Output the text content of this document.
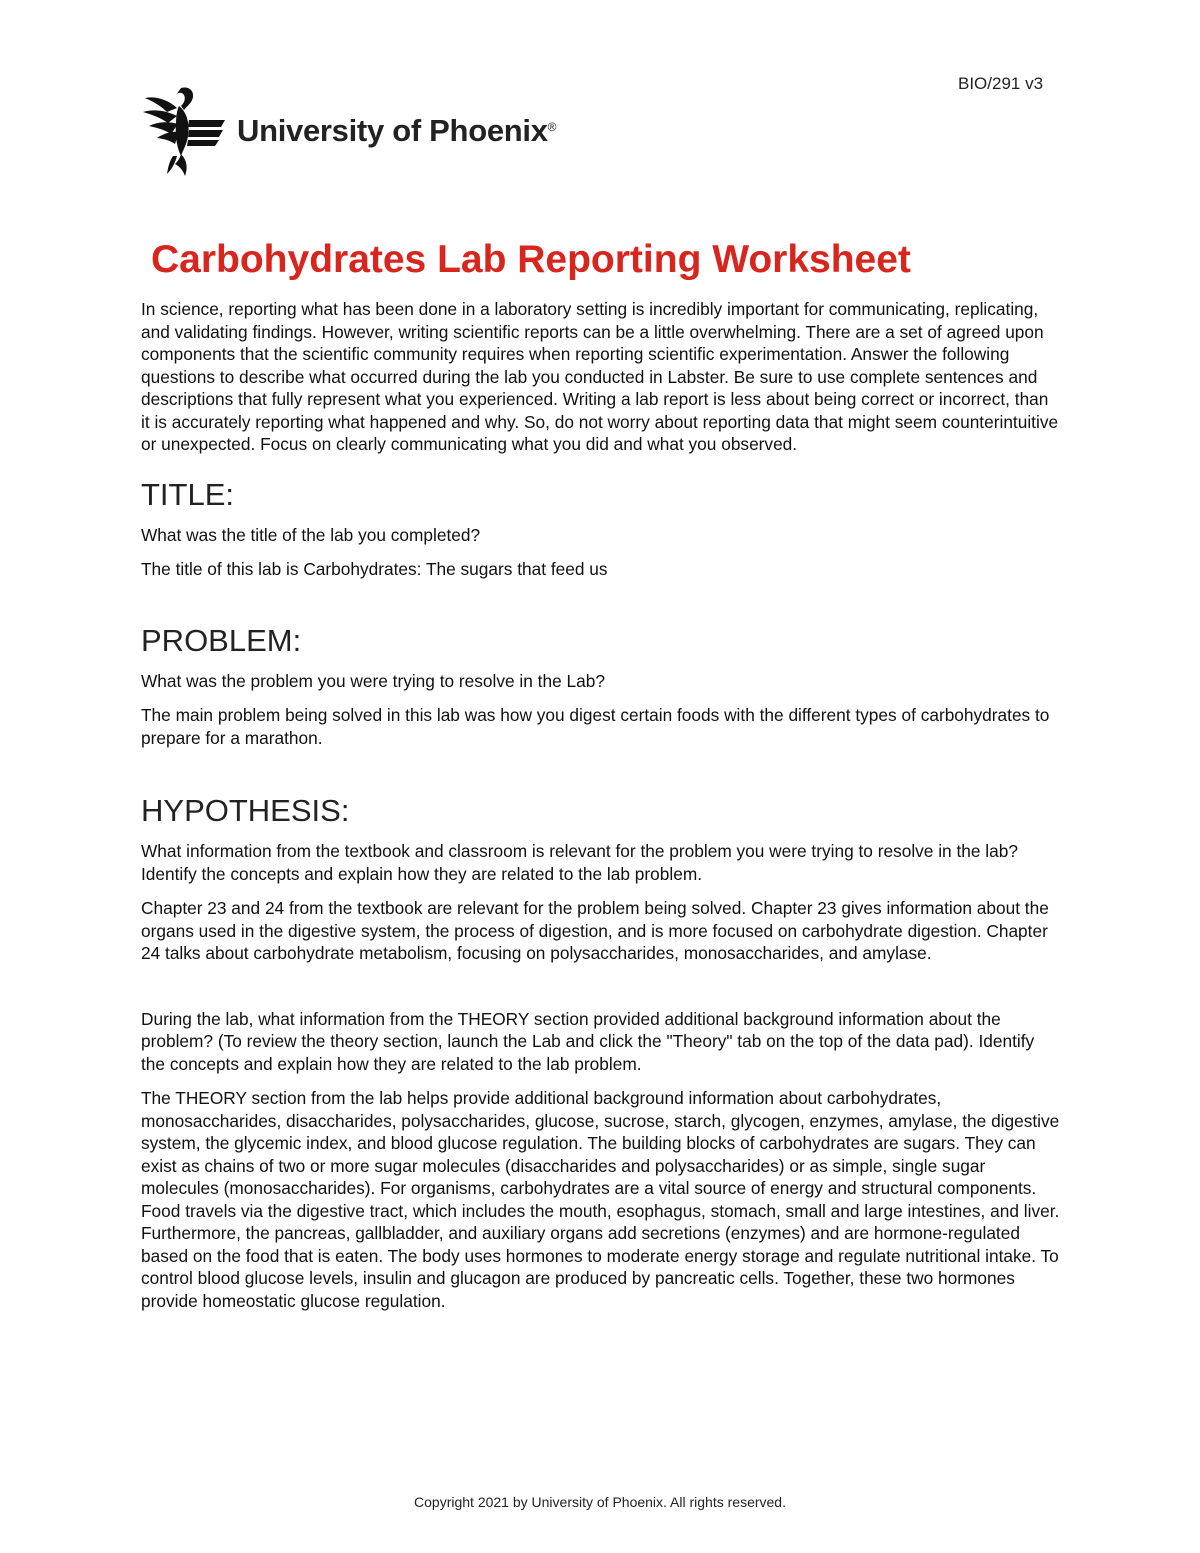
BIO/291 v3
University of Phoenix®
Carbohydrates Lab Reporting Worksheet

In science, reporting what has been done in a laboratory setting is incredibly important for communicating, replicating, and validating findings. However, writing scientific reports can be a little overwhelming. There are a set of agreed upon components that the scientific community requires when reporting scientific experimentation. Answer the following questions to describe what occurred during the lab you conducted in Labster. Be sure to use complete sentences and descriptions that fully represent what you experienced. Writing a lab report is less about being correct or incorrect, than it is accurately reporting what happened and why. So, do not worry about reporting data that might seem counterintuitive or unexpected. Focus on clearly communicating what you did and what you observed.

TITLE:

What was the title of the lab you completed?

The title of this lab is Carbohydrates: The sugars that feed us

PROBLEM:

What was the problem you were trying to resolve in the Lab?

The main problem being solved in this lab was how you digest certain foods with the different types of carbohydrates to prepare for a marathon.

HYPOTHESIS:

What information from the textbook and classroom is relevant for the problem you were trying to resolve in the lab? Identify the concepts and explain how they are related to the lab problem.

Chapter 23 and 24 from the textbook are relevant for the problem being solved. Chapter 23 gives information about the organs used in the digestive system, the process of digestion, and is more focused on carbohydrate digestion. Chapter 24 talks about carbohydrate metabolism, focusing on polysaccharides, monosaccharides, and amylase.

During the lab, what information from the THEORY section provided additional background information about the problem? (To review the theory section, launch the Lab and click the "Theory" tab on the top of the data pad). Identify the concepts and explain how they are related to the lab problem.

The THEORY section from the lab helps provide additional background information about carbohydrates, monosaccharides, disaccharides, polysaccharides, glucose, sucrose, starch, glycogen, enzymes, amylase, the digestive system, the glycemic index, and blood glucose regulation. The building blocks of carbohydrates are sugars. They can exist as chains of two or more sugar molecules (disaccharides and polysaccharides) or as simple, single sugar molecules (monosaccharides). For organisms, carbohydrates are a vital source of energy and structural components. Food travels via the digestive tract, which includes the mouth, esophagus, stomach, small and large intestines, and liver. Furthermore, the pancreas, gallbladder, and auxiliary organs add secretions (enzymes) and are hormone-regulated based on the food that is eaten. The body uses hormones to moderate energy storage and regulate nutritional intake. To control blood glucose levels, insulin and glucagon are produced by pancreatic cells. Together, these two hormones provide homeostatic glucose regulation.

Copyright 2021 by University of Phoenix. All rights reserved.
